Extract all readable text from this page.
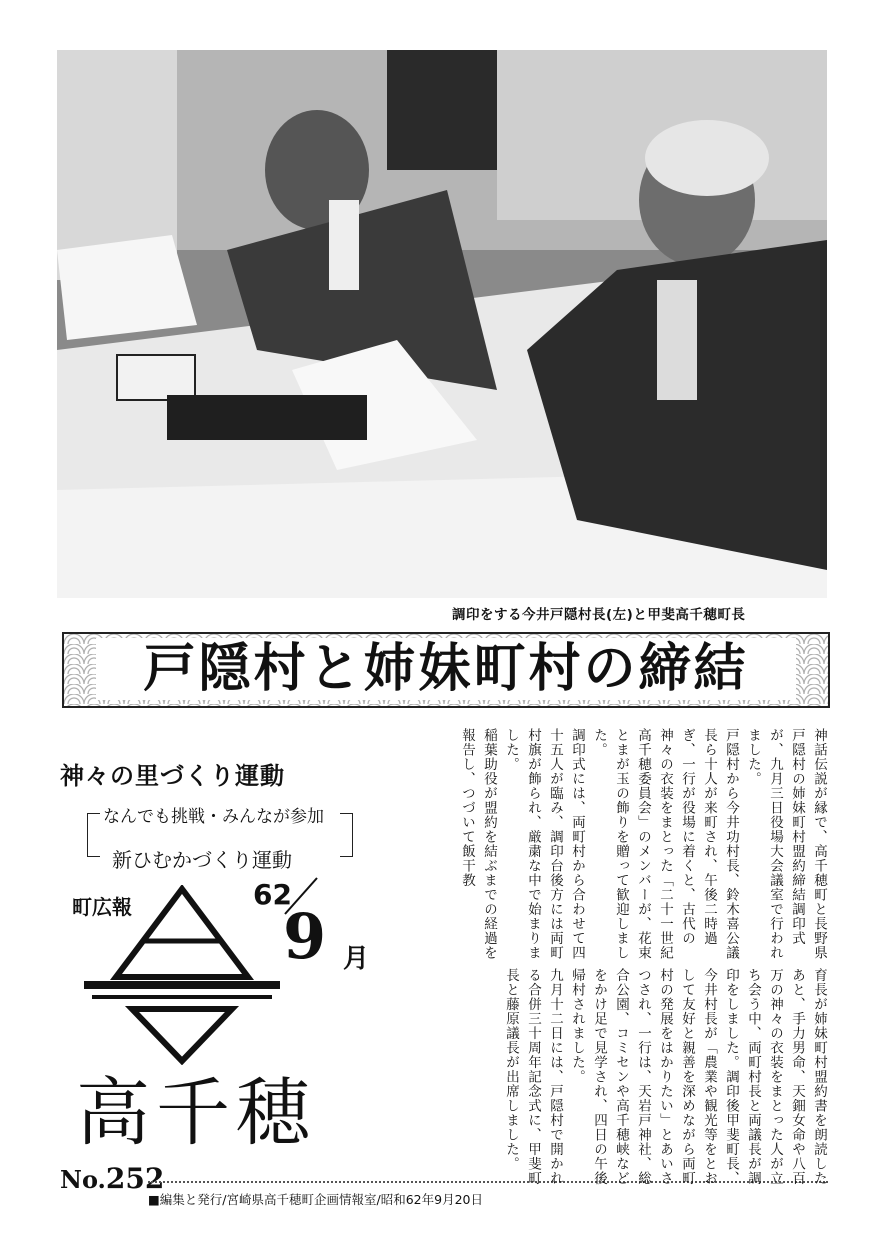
調印をする今井戸隠村長(左)と甲斐高千穂町長
戸隠村と姉妹町村の締結
神々の里づくり運動
なんでも挑戦・みんなが参加
新ひむかづくり運動
町広報	62
9 月
高千穂
No.252
■編集と発行/宮崎県高千穂町企画情報室/昭和62年9月20日
神話伝説が縁で、高千穂町と長野県戸隠村の姉妹町村盟約締結調印式が、九月三日役場大会議室で行われました。
戸隠村から今井功村長、鈴木喜公議長ら十人が来町され、午後二時過ぎ、一行が役場に着くと、古代の神々の衣装をまとった「二十一世紀高千穂委員会」のメンバーが、花束とまが玉の飾りを贈って歓迎しました。
調印式には、両町村から合わせて四十五人が臨み、調印台後方には両町村旗が飾られ、厳粛な中で始まりました。
稲葉助役が盟約を結ぶまでの経過を報告し、つづいて飯干教
育長が姉妹町村盟約書を朗読したあと、手力男命、天鈿女命や八百万の神々の衣装をまとった人が立ち会う中、両町村長と両議長が調印をしました。調印後甲斐町長、今井村長が「農業や観光等をとおして友好と親善を深めながら両町村の発展をはかりたい」とあいさつされ、一行は、天岩戸神社、総合公園、コミセンや高千穂峡などをかけ足で見学され、四日の午後帰村されました。
九月十二日には、戸隠村で開かれる合併三十周年記念式に、甲斐町長と藤原議長が出席しました。
